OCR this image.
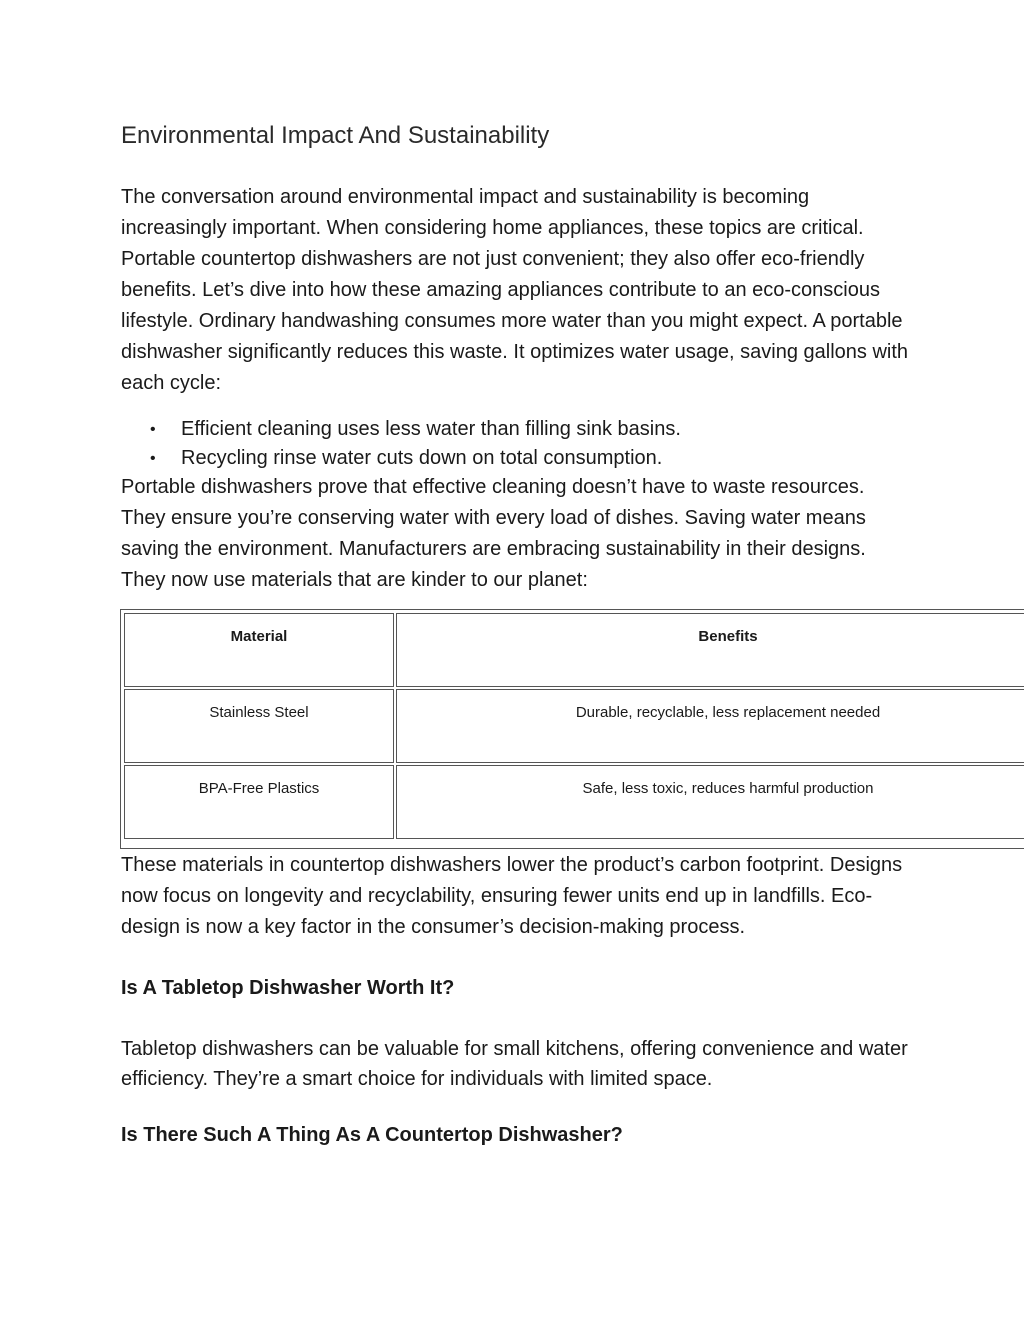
Environmental Impact And Sustainability

The conversation around environmental impact and sustainability is becoming increasingly important. When considering home appliances, these topics are critical. Portable countertop dishwashers are not just convenient; they also offer eco-friendly benefits. Let’s dive into how these amazing appliances contribute to an eco-conscious lifestyle. Ordinary handwashing consumes more water than you might expect. A portable dishwasher significantly reduces this waste. It optimizes water usage, saving gallons with each cycle:

• Efficient cleaning uses less water than filling sink basins.
• Recycling rinse water cuts down on total consumption.

Portable dishwashers prove that effective cleaning doesn’t have to waste resources. They ensure you’re conserving water with every load of dishes. Saving water means saving the environment. Manufacturers are embracing sustainability in their designs. They now use materials that are kinder to our planet:

Material	Benefits
Stainless Steel	Durable, recyclable, less replacement needed
BPA-Free Plastics	Safe, less toxic, reduces harmful production

These materials in countertop dishwashers lower the product’s carbon footprint. Designs now focus on longevity and recyclability, ensuring fewer units end up in landfills. Eco-design is now a key factor in the consumer’s decision-making process.

Is A Tabletop Dishwasher Worth It?

Tabletop dishwashers can be valuable for small kitchens, offering convenience and water efficiency. They’re a smart choice for individuals with limited space.

Is There Such A Thing As A Countertop Dishwasher?
